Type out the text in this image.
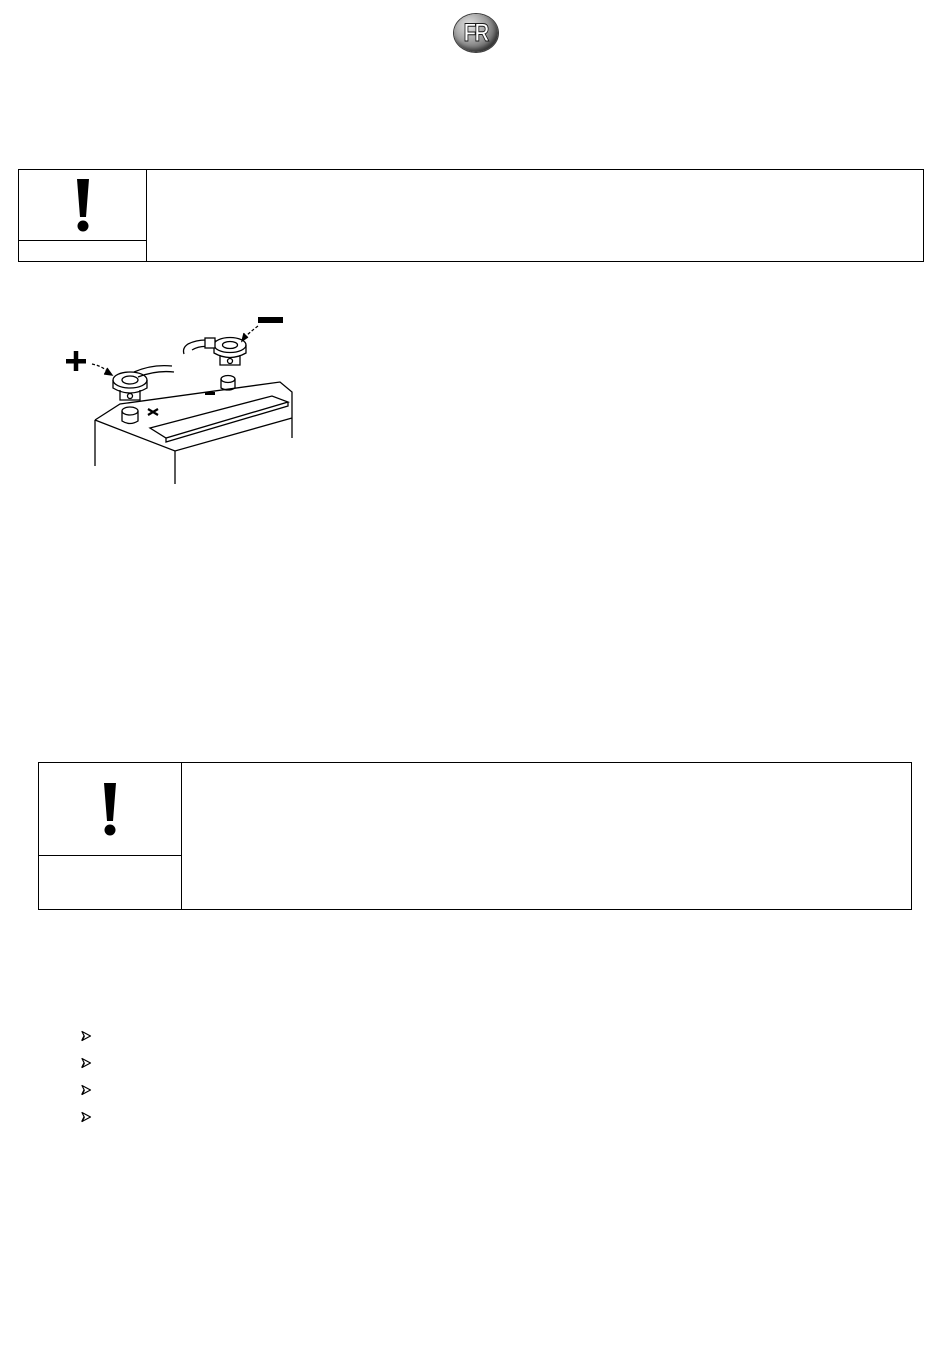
FR
